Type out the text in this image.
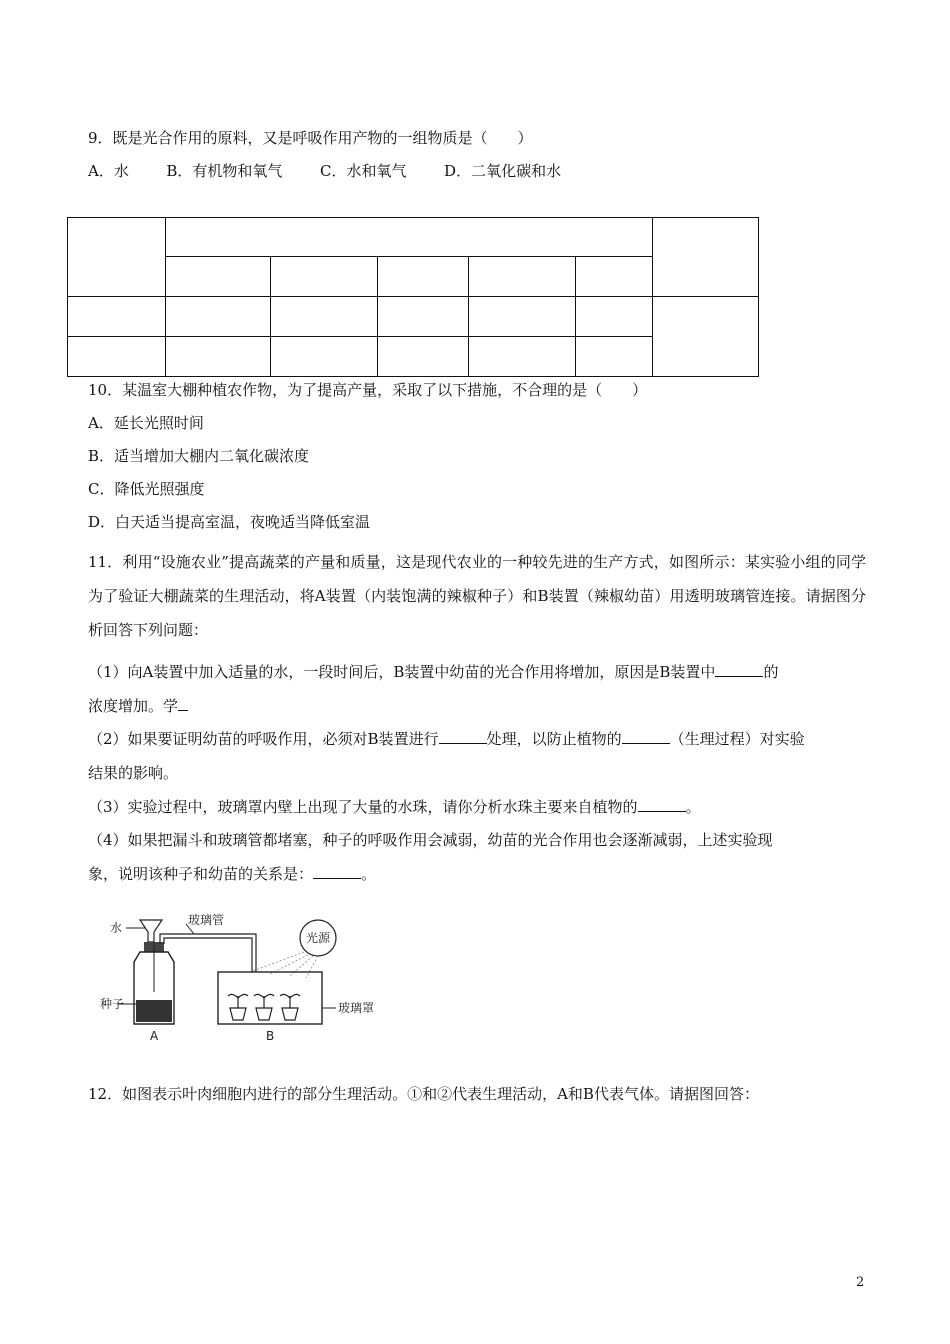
9．既是光合作用的原料，又是呼吸作用产物的一组物质是（　　）
A．水	B．有机物和氧气	C．水和氧气	D．二氧化碳和水

10．某温室大棚种植农作物，为了提高产量，采取了以下措施，不合理的是（　　）
A．延长光照时间
B．适当增加大棚内二氧化碳浓度
C．降低光照强度
D．白天适当提高室温，夜晚适当降低室温
11．利用“设施农业”提高蔬菜的产量和质量，这是现代农业的一种较先进的生产方式，如图所示：某实验小组的同学为了验证大棚蔬菜的生理活动，将A装置（内装饱满的辣椒种子）和B装置（辣椒幼苗）用透明玻璃管连接。请据图分析回答下列问题：
（1）向A装置中加入适量的水，一段时间后，B装置中幼苗的光合作用将增加，原因是B装置中	的
浓度增加。学
（2）如果要证明幼苗的呼吸作用，必须对B装置进行	处理，以防止植物的	（生理过程）对实验
结果的影响。
（3）实验过程中，玻璃罩内壁上出现了大量的水珠，请你分析水珠主要来自植物的	。
（4）如果把漏斗和玻璃管都堵塞，种子的呼吸作用会减弱，幼苗的光合作用也会逐渐减弱，上述实验现
象，说明该种子和幼苗的关系是：	。
水
玻璃管
光源
种子	玻璃罩
A	B
12．如图表示叶肉细胞内进行的部分生理活动。①和②代表生理活动，A和B代表气体。请据图回答：
2
